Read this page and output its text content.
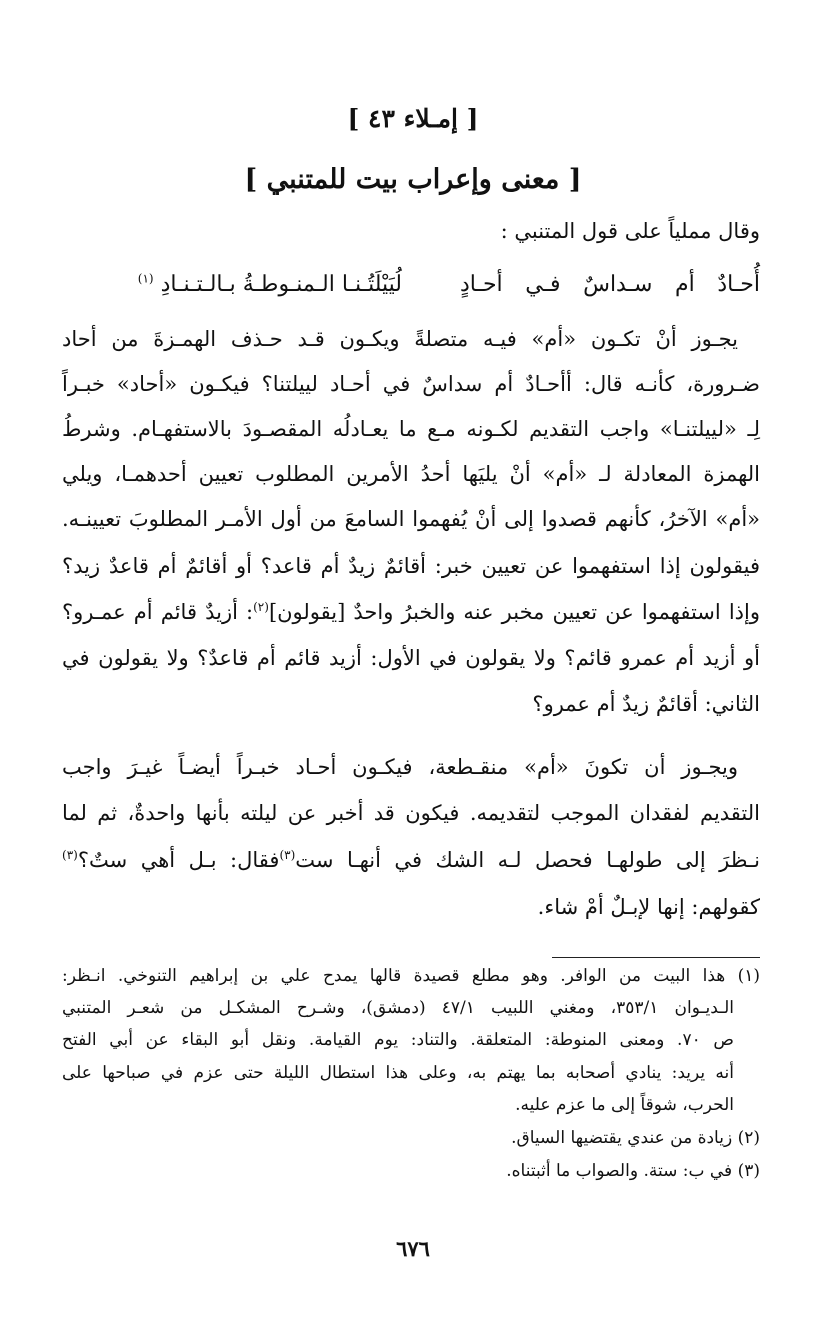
[ إمـلاء ٤٣ ]
[ معنى وإعراب بيت للمتنبي ]
وقال مملياً على قول المتنبي :
أُحـادٌ أم سـداسٌ فـي أحـادٍ  لُيَيْلَتُـنـا الـمنـوطـةُ بـالـتـنـادِ $^{(١)}$
يجـوز أنْ تكـون «أم» فيـه متصلةً ويكـون قـد حـذف الهمـزةَ من أحاد
ضـرورة، كأنـه قال: أأحـادٌ أم سداسٌ في أحـاد لييلتنا؟ فيكـون «أحاد» خبـراً
لِـ «لييلتنـا» واجب التقديم لكـونه مـع ما يعـادلُه المقصـودَ بالاستفهـام. وشرطُ
الهمزة المعادلة لـ «أم» أنْ يليَها أحدُ الأمرين المطلوب تعيين أحدهمـا، ويلي
«أم» الآخرُ، كأنهم قصدوا إلى أنْ يُفهموا السامعَ من أول الأمـر المطلوبَ تعيينـه.
فيقولون إذا استفهموا عن تعيين خبر: أقائمٌ زيدٌ أم قاعد؟ أو أقائمٌ أم قاعدٌ زيد؟
وإذا استفهموا عن تعيين مخبر عنه والخبرُ واحدٌ [يقولون]$^{(٢)}$: أزيدٌ قائم أم عمـرو؟
أو أزيد أم عمرو قائم؟ ولا يقولون في الأول: أزيد قائم أم قاعدٌ؟ ولا يقولون في
الثاني: أقائمٌ زيدٌ أم عمرو؟
ويجـوز أن تكونَ «أم» منقـطعة، فيكـون أحـاد خبـراً أيضـاً غيـرَ واجب
التقديم لفقدان الموجب لتقديمه. فيكون قد أخبر عن ليلته بأنها واحدةٌ، ثم لما
نـظرَ إلى طولهـا فحصل لـه الشك في أنهـا ست$^{(٣)}$فقال: بـل أهي ستٌ؟$^{(٣)}$
كقولهم: إنها لإبـلٌ أمْ شاء.
(١) هذا البيت من الوافر. وهو مطلع قصيدة قالها يمدح علي بن إبراهيم التنوخي. انـظر:
الـديـوان ٣٥٣/١، ومغني اللبيب ٤٧/١ (دمشق)، وشـرح المشكـل من شعـر المتنبي
ص ٧٠. ومعنى المنوطة: المتعلقة. والتناد: يوم القيامة. ونقل أبو البقاء عن أبي الفتح
أنه يريد: ينادي أصحابه بما يهتم به، وعلى هذا استطال الليلة حتى عزم في صباحها على
الحرب، شوقاً إلى ما عزم عليه.
(٢) زيادة من عندي يقتضيها السياق.
(٣) في ب: ستة. والصواب ما أثبتناه.
٦٧٦
